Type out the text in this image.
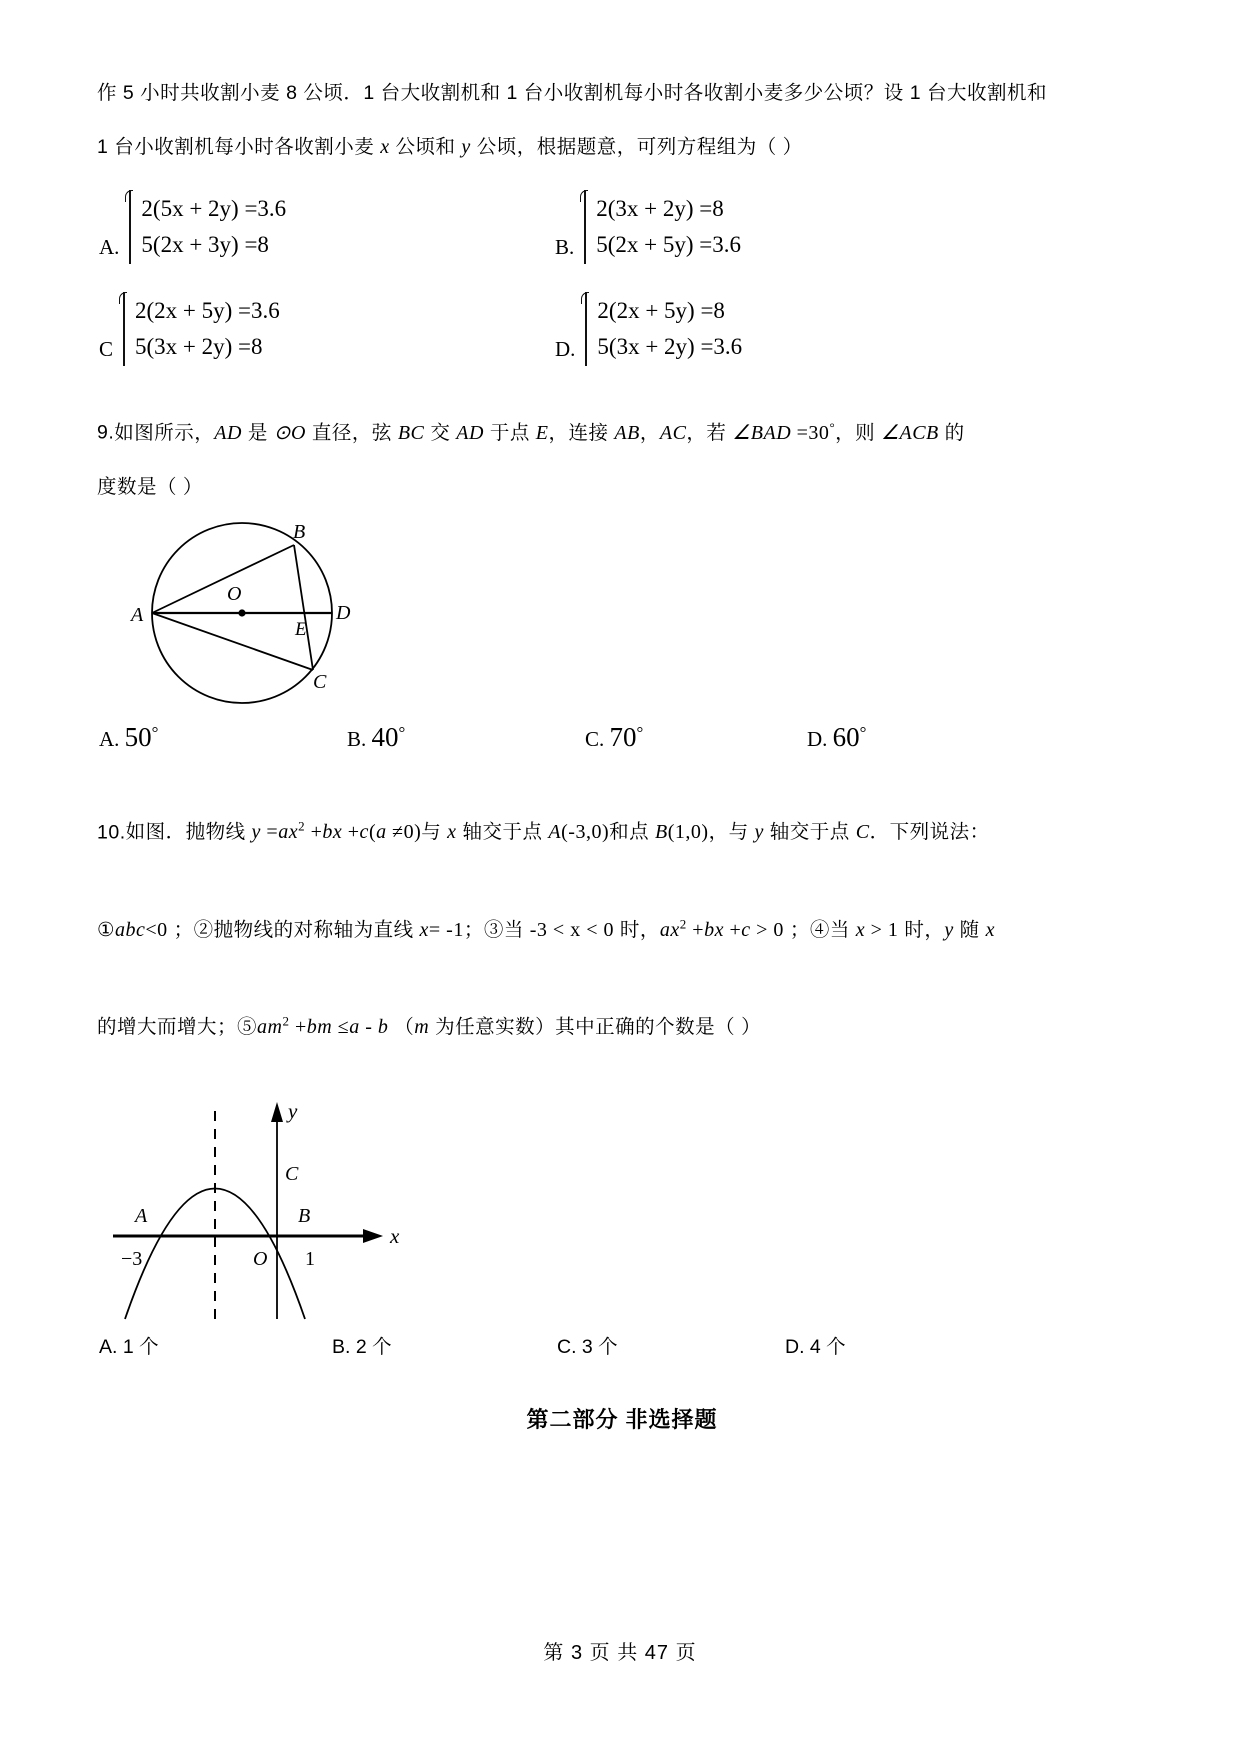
作 5 小时共收割小麦 8 公顷．1 台大收割机和 1 台小收割机每小时各收割小麦多少公顷？设 1 台大收割机和
1 台小收割机每小时各收割小麦 x 公顷和 y 公顷，根据题意，可列方程组为（ ）
A.
2(5x + 2y) =3.6
5(2x + 3y) =8	B.
2(3x + 2y) =8
5(2x + 5y) =3.6
C
2(2x + 5y) =3.6
5(3x + 2y) =8	D.
2(2x + 5y) =8
5(3x + 2y) =3.6
9.如图所示，AD 是 ⊙O 直径，弦 BC 交 AD 于点 E，连接 AB，AC，若 ∠BAD =30°，则 ∠ACB 的
度数是（ ）
E
B
C
A	D
O
A. 50°	B. 40°	C. 70°	D. 60°
10.如图．抛物线 $y =ax^2 +bx +c(a \ne 0)$与 x 轴交于点 A(-3,0)和点 B(1,0)，与 y 轴交于点 C．下列说法：
①abc<0 ；②抛物线的对称轴为直线 x= -1；③当 -3 < x < 0 时，$ax^2 +bx +c > 0$ ；④当 x > 1 时，y 随 x
的增大而增大；$⑤am^2 +bm \le a - b$ （m 为任意实数）其中正确的个数是（ ）
x
y
A	B
C
−3	O 1
A. 1 个	B. 2 个	C. 3 个	D. 4 个
第二部分 非选择题
第 3 页 共 47 页
